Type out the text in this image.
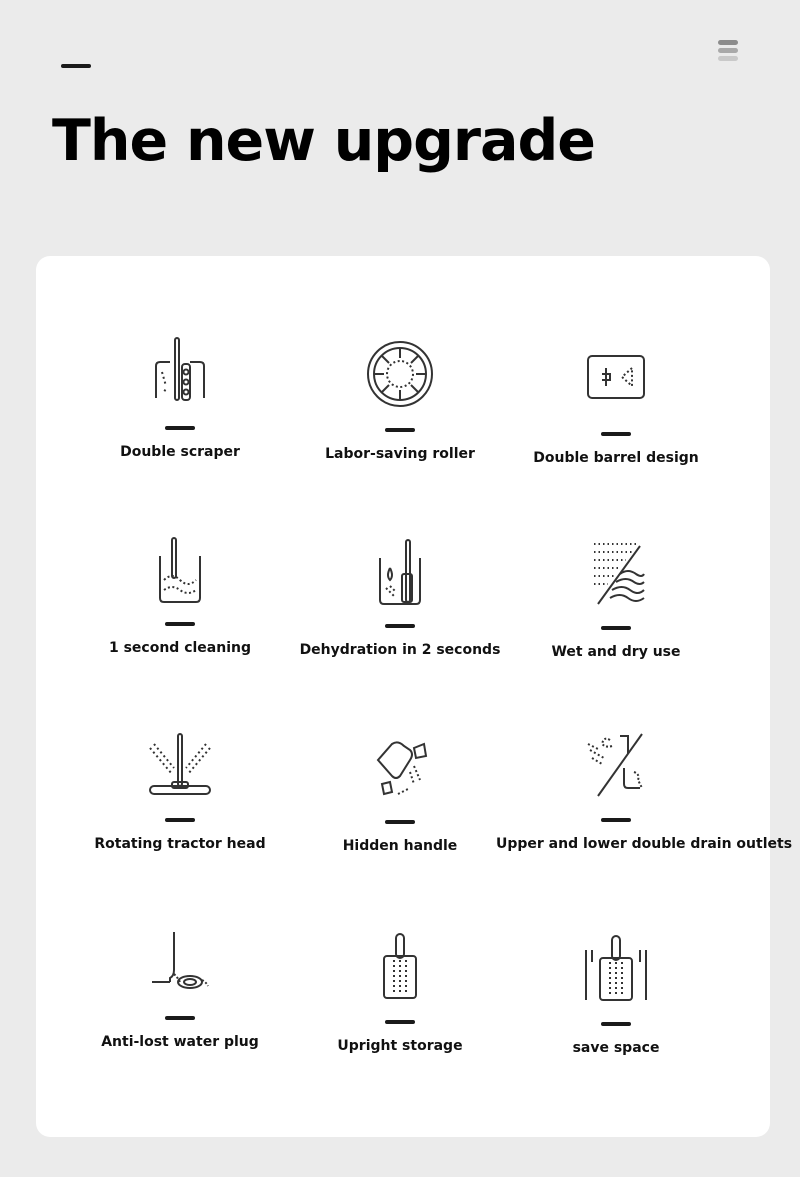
The new upgrade
Double scraper	Labor-saving roller	Double barrel design
1 second cleaning	Dehydration in 2 seconds	Wet and dry use
Rotating tractor head	Hidden handle	Upper and lower double drain outlets
Anti-lost water plug	Upright storage	save space
